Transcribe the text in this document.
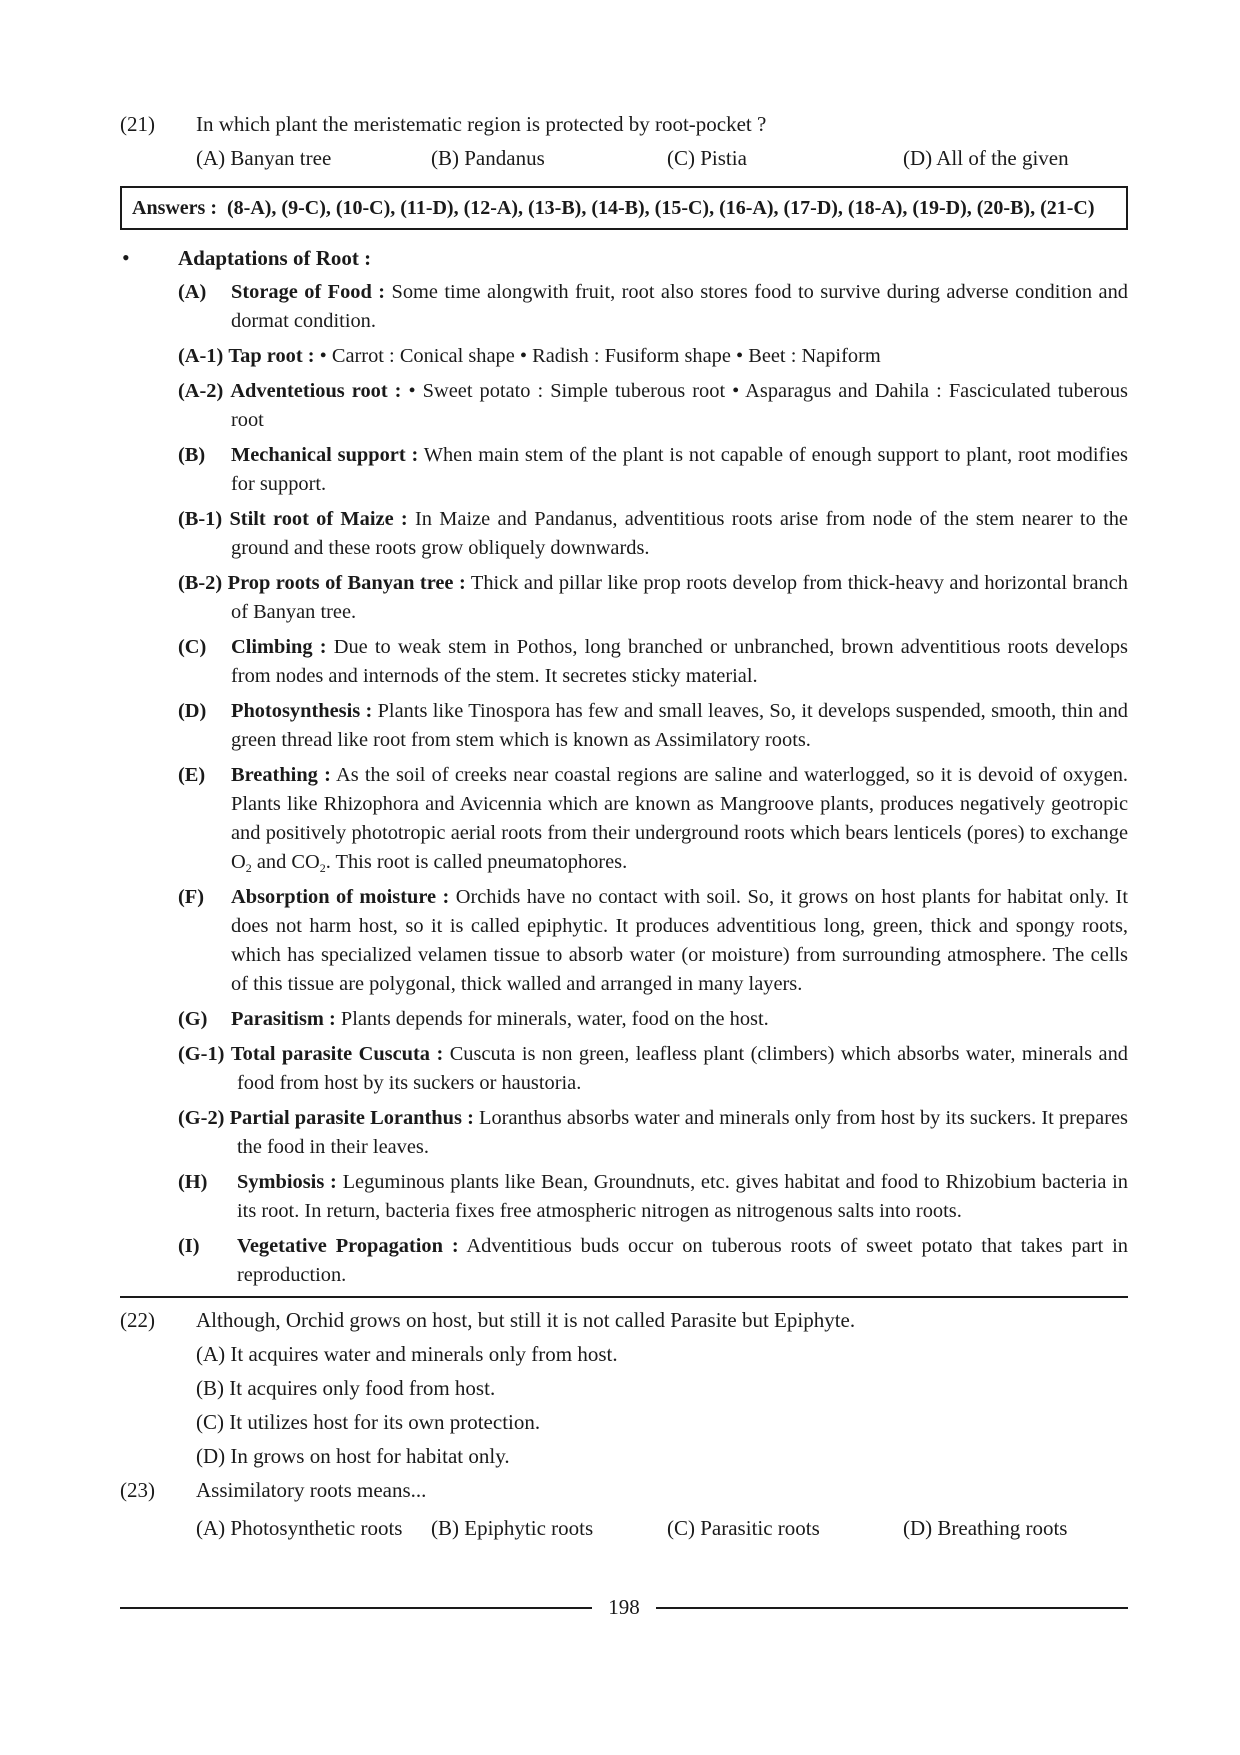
(21) In which plant the meristematic region is protected by root-pocket ?
(A) Banyan tree	(B) Pandanus	(C) Pistia	(D) All of the given
Answers : (8-A), (9-C), (10-C), (11-D), (12-A), (13-B), (14-B), (15-C), (16-A), (17-D), (18-A), (19-D), (20-B), (21-C)
• Adaptations of Root :
(A) Storage of Food : Some time alongwith fruit, root also stores food to survive during adverse condition and dormat condition.
(A-1) Tap root : • Carrot : Conical shape • Radish : Fusiform shape • Beet : Napiform
(A-2) Adventetious root : • Sweet potato : Simple tuberous root • Asparagus and Dahila : Fasciculated tuberous root
(B) Mechanical support : When main stem of the plant is not capable of enough support to plant, root modifies for support.
(B-1) Stilt root of Maize : In Maize and Pandanus, adventitious roots arise from node of the stem nearer to the ground and these roots grow obliquely downwards.
(B-2) Prop roots of Banyan tree : Thick and pillar like prop roots develop from thick-heavy and horizontal branch of Banyan tree.
(C) Climbing : Due to weak stem in Pothos, long branched or unbranched, brown adventitious roots develops from nodes and internods of the stem. It secretes sticky material.
(D) Photosynthesis : Plants like Tinospora has few and small leaves, So, it develops suspended, smooth, thin and green thread like root from stem which is known as Assimilatory roots.
(E) Breathing : As the soil of creeks near coastal regions are saline and waterlogged, so it is devoid of oxygen. Plants like Rhizophora and Avicennia which are known as Mangroove plants, produces negatively geotropic and positively phototropic aerial roots from their underground roots which bears lenticels (pores) to exchange $O_2$ and $CO_2$. This root is called pneumatophores.
(F) Absorption of moisture : Orchids have no contact with soil. So, it grows on host plants for habitat only. It does not harm host, so it is called epiphytic. It produces adventitious long, green, thick and spongy roots, which has specialized velamen tissue to absorb water (or moisture) from surrounding atmosphere. The cells of this tissue are polygonal, thick walled and arranged in many layers.
(G) Parasitism : Plants depends for minerals, water, food on the host.
(G-1) Total parasite Cuscuta : Cuscuta is non green, leafless plant (climbers) which absorbs water, minerals and food from host by its suckers or haustoria.
(G-2) Partial parasite Loranthus : Loranthus absorbs water and minerals only from host by its suckers. It prepares the food in their leaves.
(H) Symbiosis : Leguminous plants like Bean, Groundnuts, etc. gives habitat and food to Rhizobium bacteria in its root. In return, bacteria fixes free atmospheric nitrogen as nitrogenous salts into roots.
(I) Vegetative Propagation : Adventitious buds occur on tuberous roots of sweet potato that takes part in reproduction.
(22) Although, Orchid grows on host, but still it is not called Parasite but Epiphyte.
(A) It acquires water and minerals only from host.
(B) It acquires only food from host.
(C) It utilizes host for its own protection.
(D) In grows on host for habitat only.
(23) Assimilatory roots means...
(A) Photosynthetic roots (B) Epiphytic roots	(C) Parasitic roots	(D) Breathing roots
198
